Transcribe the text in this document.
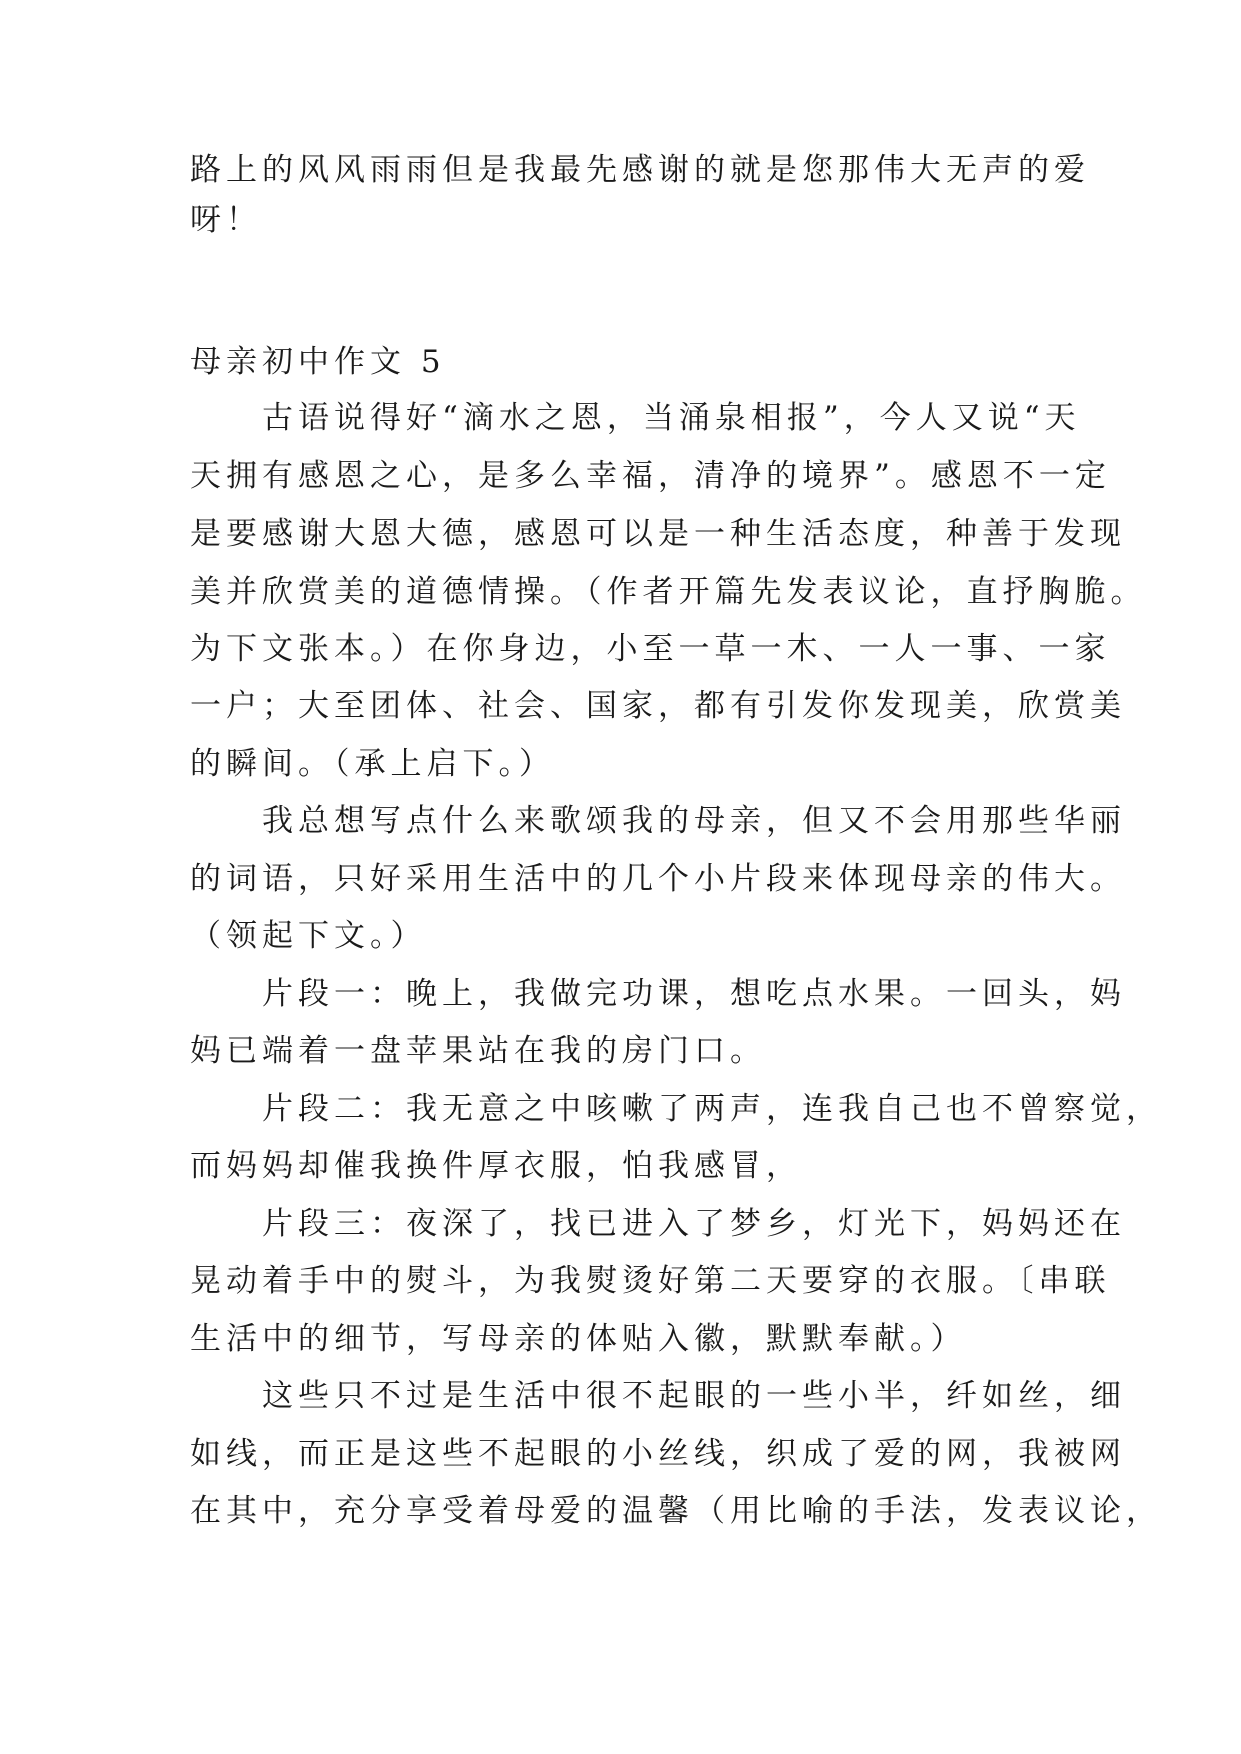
路上的风风雨雨但是我最先感谢的就是您那伟大无声的爱
呀！
母亲初中作文 5
　　古语说得好“滴水之恩，当涌泉相报”，今人又说“天
天拥有感恩之心，是多么幸福，清净的境界”。感恩不一定
是要感谢大恩大德，感恩可以是一种生活态度，种善于发现
美并欣赏美的道德情操。（作者开篇先发表议论，直抒胸脆。
为下文张本。）在你身边，小至一草一木、一人一事、一家
一户；大至团体、社会、国家，都有引发你发现美，欣赏美
的瞬间。（承上启下。）
　　我总想写点什么来歌颂我的母亲，但又不会用那些华丽
的词语，只好采用生活中的几个小片段来体现母亲的伟大。
（领起下文。）
　　片段一：晚上，我做完功课，想吃点水果。一回头，妈
妈已端着一盘苹果站在我的房门口。
　　片段二：我无意之中咳嗽了两声，连我自己也不曾察觉，
而妈妈却催我换件厚衣服，怕我感冒，
　　片段三：夜深了，找已进入了梦乡，灯光下，妈妈还在
晃动着手中的熨斗，为我熨烫好第二天要穿的衣服。〔串联
生活中的细节，写母亲的体贴入徽，默默奉献。）
　　这些只不过是生活中很不起眼的一些小半，纤如丝，细
如线，而正是这些不起眼的小丝线，织成了爱的网，我被网
在其中，充分享受着母爱的温馨（用比喻的手法，发表议论，
